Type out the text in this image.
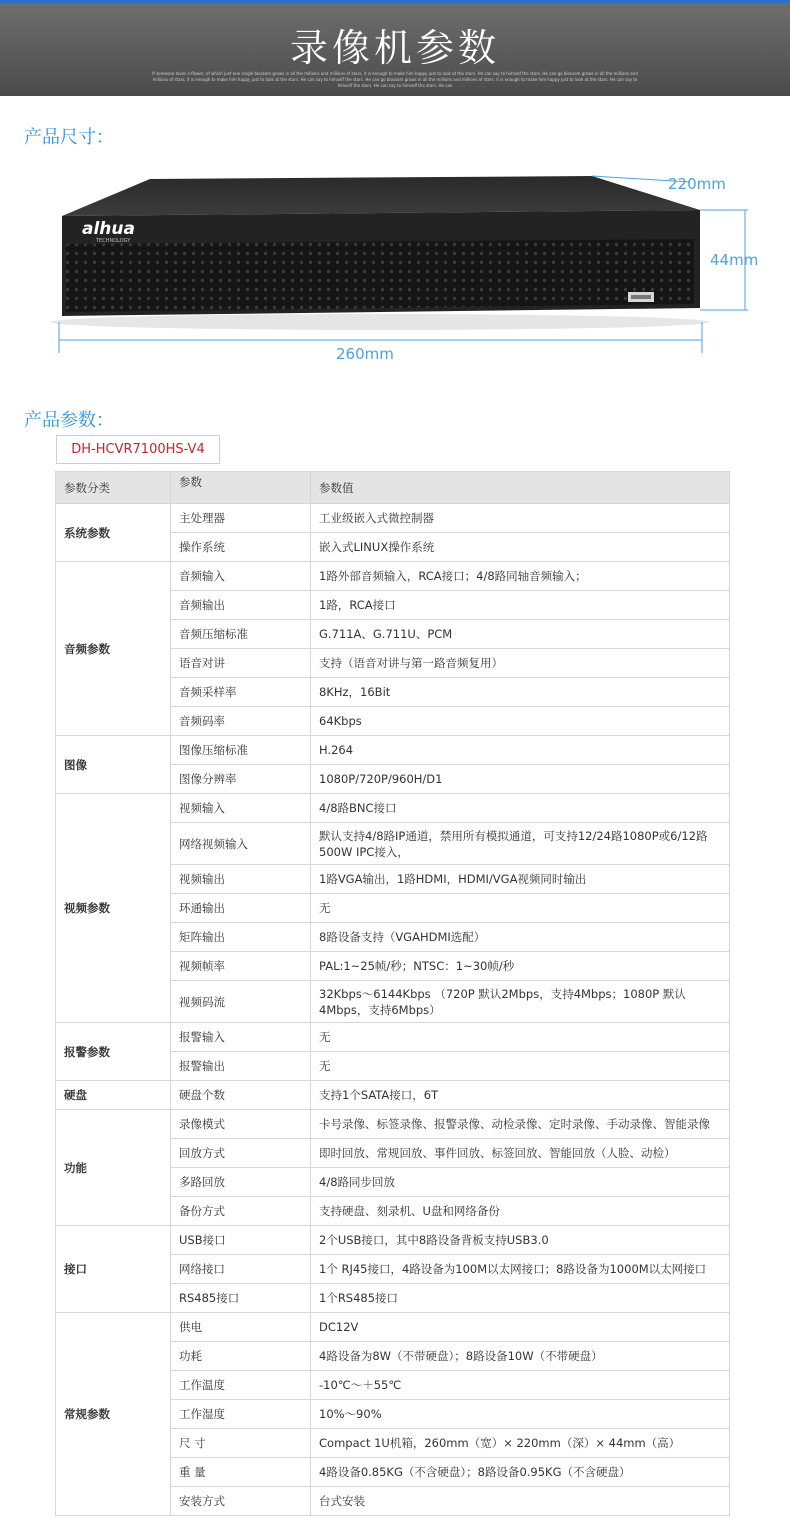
录像机参数
If someone loves a flower, of which just one single blossom grows in all the millions and millions of stars, it is enough to make him happy just to look at the stars. He can say to himself the stars. He can go blossom grows in all the millions and millions of stars, it is enough to make him happy just to look at the stars. He can say to himself the stars. He can go blossom grows in all the millions and millions of stars. it is enough to make him happy just to look at the stars. He can say to himself the stars. He can say to himself the stars. He can
产品尺寸：
alhua
TECHNOLOGY
220mm
44mm
260mm
产品参数：
DH-HCVR7100HS-V4
参数分类	参数	参数值
系统参数	主处理器	工业级嵌入式微控制器
	操作系统	嵌入式LINUX操作系统
音频参数	音频输入	1路外部音频输入，RCA接口；4/8路同轴音频输入；
	音频输出	1路，RCA接口
	音频压缩标准	G.711A、G.711U、PCM
	语音对讲	支持（语音对讲与第一路音频复用）
	音频采样率	8KHz，16Bit
	音频码率	64Kbps
图像	图像压缩标准	H.264
	图像分辨率	1080P/720P/960H/D1
视频参数	视频输入	4/8路BNC接口
	网络视频输入	默认支持4/8路IP通道，禁用所有模拟通道，可支持12/24路1080P或6/12路500W IPC接入，
	视频输出	1路VGA输出，1路HDMI，HDMI/VGA视频同时输出
	环通输出	无
	矩阵输出	8路设备支持（VGAHDMI选配）
	视频帧率	PAL:1~25帧/秒；NTSC：1~30帧/秒
	视频码流	32Kbps～6144Kbps （720P 默认2Mbps，支持4Mbps；1080P 默认4Mbps，支持6Mbps）
报警参数	报警输入	无
	报警输出	无
硬盘	硬盘个数	支持1个SATA接口，6T
功能	录像模式	卡号录像、标签录像、报警录像、动检录像、定时录像、手动录像、智能录像
	回放方式	即时回放、常规回放、事件回放、标签回放、智能回放（人脸、动检）
	多路回放	4/8路同步回放
	备份方式	支持硬盘、刻录机、U盘和网络备份
接口	USB接口	2个USB接口，其中8路设备背板支持USB3.0
	网络接口	1个 RJ45接口，4路设备为100M以太网接口；8路设备为1000M以太网接口
	RS485接口	1个RS485接口
常规参数	供电	DC12V
	功耗	4路设备为8W（不带硬盘）；8路设备10W（不带硬盘）
	工作温度	-10℃～＋55℃
	工作湿度	10%～90%
	尺 寸	Compact 1U机箱，260mm（宽）× 220mm（深）× 44mm（高）
	重 量	4路设备0.85KG（不含硬盘）；8路设备0.95KG（不含硬盘）
	安装方式	台式安装
